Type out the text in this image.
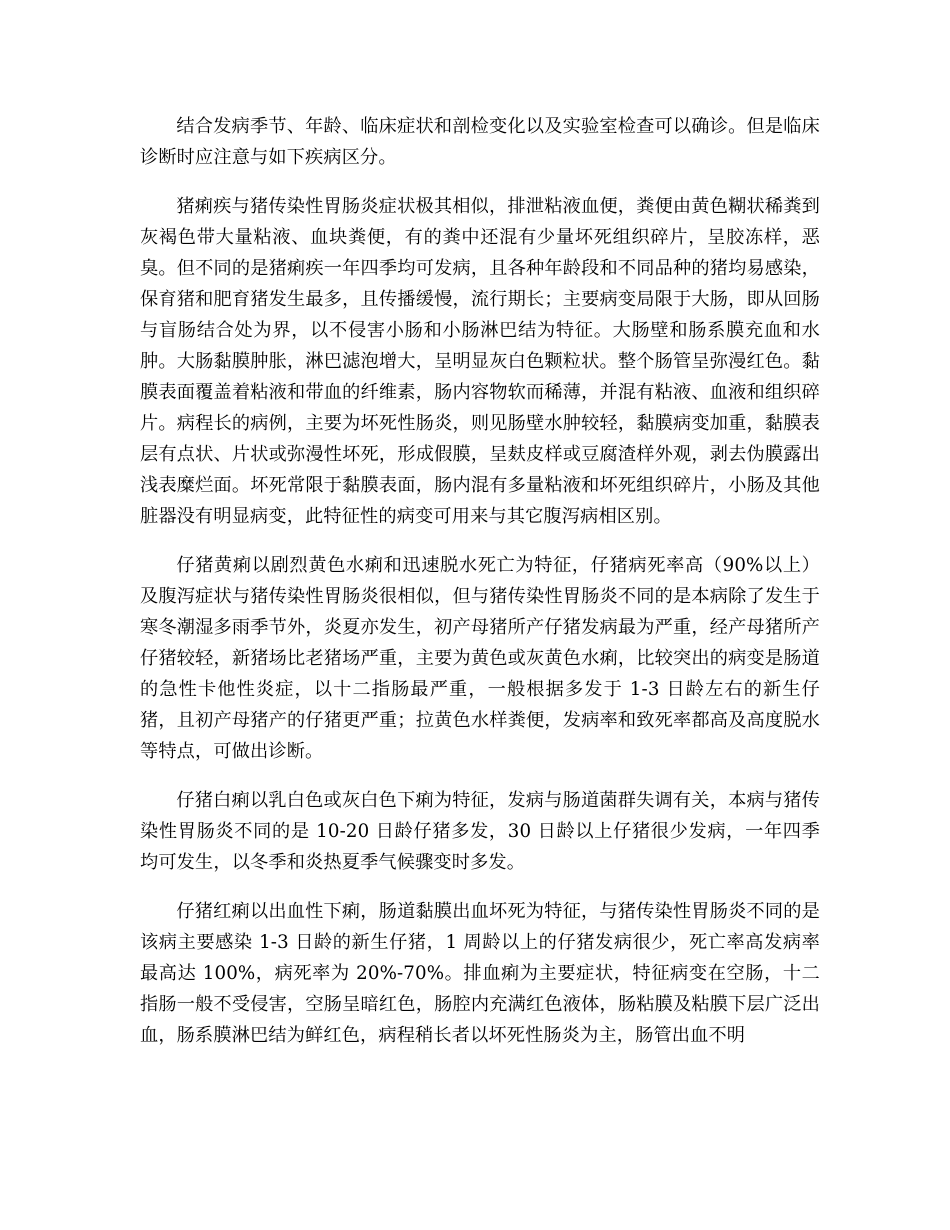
结合发病季节、年龄、临床症状和剖检变化以及实验室检查可以确诊。但是临床诊断时应注意与如下疾病区分。

猪痢疾与猪传染性胃肠炎症状极其相似，排泄粘液血便，粪便由黄色糊状稀粪到灰褐色带大量粘液、血块粪便，有的粪中还混有少量坏死组织碎片，呈胶冻样，恶臭。但不同的是猪痢疾一年四季均可发病，且各种年龄段和不同品种的猪均易感染，保育猪和肥育猪发生最多，且传播缓慢，流行期长；主要病变局限于大肠，即从回肠与盲肠结合处为界，以不侵害小肠和小肠淋巴结为特征。大肠壁和肠系膜充血和水肿。大肠黏膜肿胀，淋巴滤泡增大，呈明显灰白色颗粒状。整个肠管呈弥漫红色。黏膜表面覆盖着粘液和带血的纤维素，肠内容物软而稀薄，并混有粘液、血液和组织碎片。病程长的病例，主要为坏死性肠炎，则见肠壁水肿较轻，黏膜病变加重，黏膜表层有点状、片状或弥漫性坏死，形成假膜，呈麸皮样或豆腐渣样外观，剥去伪膜露出浅表糜烂面。坏死常限于黏膜表面，肠内混有多量粘液和坏死组织碎片，小肠及其他脏器没有明显病变，此特征性的病变可用来与其它腹泻病相区别。

仔猪黄痢以剧烈黄色水痢和迅速脱水死亡为特征，仔猪病死率高（90%以上）及腹泻症状与猪传染性胃肠炎很相似，但与猪传染性胃肠炎不同的是本病除了发生于寒冬潮湿多雨季节外，炎夏亦发生，初产母猪所产仔猪发病最为严重，经产母猪所产仔猪较轻，新猪场比老猪场严重，主要为黄色或灰黄色水痢，比较突出的病变是肠道的急性卡他性炎症，以十二指肠最严重，一般根据多发于 1-3 日龄左右的新生仔猪，且初产母猪产的仔猪更严重；拉黄色水样粪便，发病率和致死率都高及高度脱水等特点，可做出诊断。

仔猪白痢以乳白色或灰白色下痢为特征，发病与肠道菌群失调有关，本病与猪传染性胃肠炎不同的是 10-20 日龄仔猪多发，30 日龄以上仔猪很少发病，一年四季均可发生，以冬季和炎热夏季气候骤变时多发。

仔猪红痢以出血性下痢，肠道黏膜出血坏死为特征，与猪传染性胃肠炎不同的是该病主要感染 1-3 日龄的新生仔猪，1 周龄以上的仔猪发病很少，死亡率高发病率最高达 100%，病死率为 20%-70%。排血痢为主要症状，特征病变在空肠，十二指肠一般不受侵害，空肠呈暗红色，肠腔内充满红色液体，肠粘膜及粘膜下层广泛出血，肠系膜淋巴结为鲜红色，病程稍长者以坏死性肠炎为主，肠管出血不明
